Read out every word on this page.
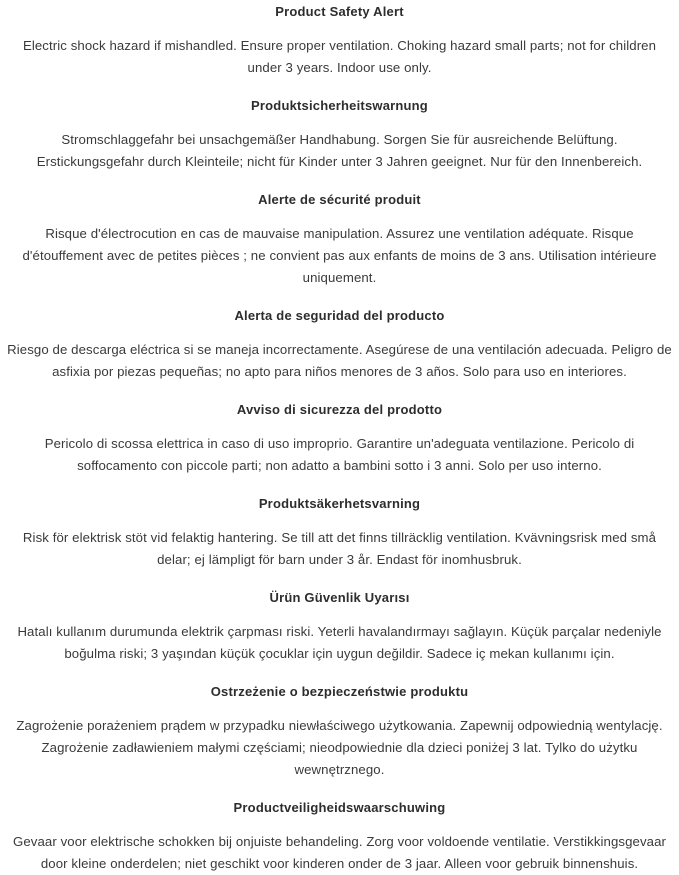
Product Safety Alert
Electric shock hazard if mishandled. Ensure proper ventilation. Choking hazard small parts; not for children under 3 years. Indoor use only.
Produktsicherheitswarnung
Stromschlaggefahr bei unsachgemäßer Handhabung. Sorgen Sie für ausreichende Belüftung. Erstickungsgefahr durch Kleinteile; nicht für Kinder unter 3 Jahren geeignet. Nur für den Innenbereich.
Alerte de sécurité produit
Risque d'électrocution en cas de mauvaise manipulation. Assurez une ventilation adéquate. Risque d'étouffement avec de petites pièces ; ne convient pas aux enfants de moins de 3 ans. Utilisation intérieure uniquement.
Alerta de seguridad del producto
Riesgo de descarga eléctrica si se maneja incorrectamente. Asegúrese de una ventilación adecuada. Peligro de asfixia por piezas pequeñas; no apto para niños menores de 3 años. Solo para uso en interiores.
Avviso di sicurezza del prodotto
Pericolo di scossa elettrica in caso di uso improprio. Garantire un'adeguata ventilazione. Pericolo di soffocamento con piccole parti; non adatto a bambini sotto i 3 anni. Solo per uso interno.
Produktsäkerhetsvarning
Risk för elektrisk stöt vid felaktig hantering. Se till att det finns tillräcklig ventilation. Kvävningsrisk med små delar; ej lämpligt för barn under 3 år. Endast för inomhusbruk.
Ürün Güvenlik Uyarısı
Hatalı kullanım durumunda elektrik çarpması riski. Yeterli havalandırmayı sağlayın. Küçük parçalar nedeniyle boğulma riski; 3 yaşından küçük çocuklar için uygun değildir. Sadece iç mekan kullanımı için.
Ostrzeżenie o bezpieczeństwie produktu
Zagrożenie porażeniem prądem w przypadku niewłaściwego użytkowania. Zapewnij odpowiednią wentylację. Zagrożenie zadławieniem małymi częściami; nieodpowiednie dla dzieci poniżej 3 lat. Tylko do użytku wewnętrznego.
Productveiligheidswaarschuwing
Gevaar voor elektrische schokken bij onjuiste behandeling. Zorg voor voldoende ventilatie. Verstikkingsgevaar door kleine onderdelen; niet geschikt voor kinderen onder de 3 jaar. Alleen voor gebruik binnenshuis.
